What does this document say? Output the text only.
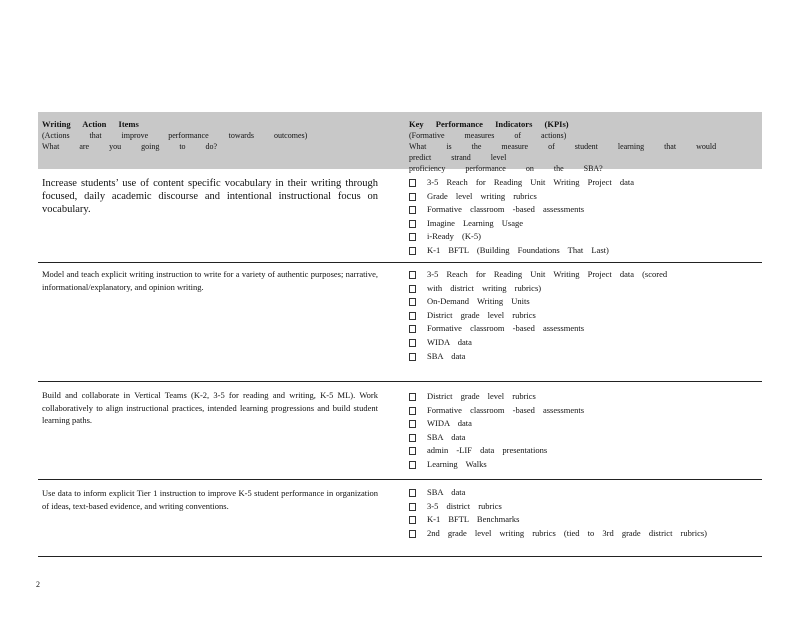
Writing Action Items
(Actions that improve performance towards outcomes)
What are you going to do?
Key Performance Indicators (KPIs)
(Formative measures of actions)
What is the measure of student learning that would predict strand level
proficiency performance on the SBA?
Increase students’ use of content specific vocabulary in their writing through focused, daily academic discourse and intentional instructional focus on vocabulary.
3-5 Reach for Reading Unit Writing Project data
Grade level writing rubrics
Formative classroom -based assessments
Imagine Learning Usage
i-Ready (K-5)
K-1 BFTL (Building Foundations That Last)
Model and teach explicit writing instruction to write for a variety of authentic purposes; narrative, informational/explanatory, and opinion writing.
3-5 Reach for Reading Unit Writing Project data (scored
with district writing rubrics)
On-Demand Writing Units
District grade level rubrics
Formative classroom -based assessments
WIDA data
SBA data
Build and collaborate in Vertical Teams (K-2, 3-5 for reading and writing, K-5 ML). Work collaboratively to align instructional practices, intended learning progressions and build student learning paths.
District grade level rubrics
Formative classroom -based assessments
WIDA data
SBA data
admin -LIF data presentations
Learning Walks
Use data to inform explicit Tier 1 instruction to improve K-5 student performance in organization of ideas, text-based evidence, and writing conventions.
SBA data
3-5 district rubrics
K-1 BFTL Benchmarks
2nd grade level writing rubrics (tied to 3rd grade district rubrics)
2
